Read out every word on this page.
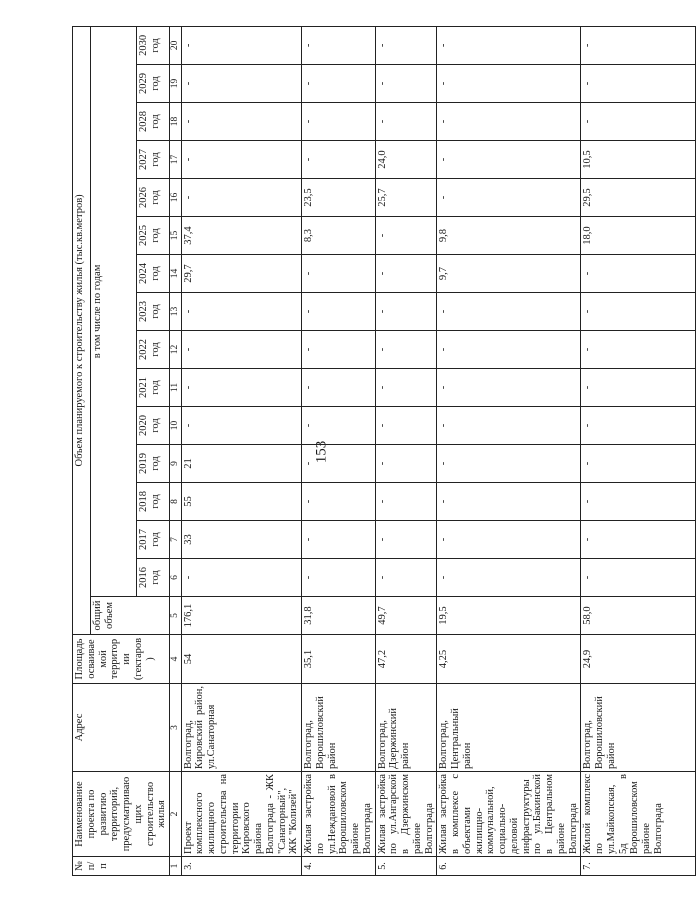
153
№ п/п	Наименование проекта по развитию территорий, предусматривающих строительство жилья	Адрес	Площадь осваиваемой территории (гектаров)	Объем планируемого к строительству жилья (тыс.кв.метров)															
				общий объем	в том числе по годам														
					2016 год	2017 год	2018 год	2019 год	2020 год	2021 год	2022 год	2023 год	2024 год	2025 год	2026 год	2027 год	2028 год	2029 год	2030 год
1	2	3	4	5	6	7	8	9	10	11	12	13	14	15	16	17	18	19	20
3.	Проект комплексного жилищного строительства на территории Кировского района Волгограда - ЖК "Санаторный", ЖК "Колизей"	Волгоград, Кировский район, ул.Санаторная	54	176,1	-	33	55	21	-	-	-	-	29,7	37,4	-	-	-	-	-
4.	Жилая застройка по ул.Неждановой в Ворошиловском районе Волгограда	Волгоград, Ворошиловский район	35,1	31,8	-	-	-	-	-	-	-	-	-	8,3	23,5	-	-	-	-
5.	Жилая застройка по ул.Ангарской в Дзержинском районе Волгограда	Волгоград, Дзержинский район	47,2	49,7	-	-	-	-	-	-	-	-	-	-	25,7	24,0	-	-	-
6.	Жилая застройка в комплексе с объектами жилищно-коммунальной, социально-деловой инфраструктуры по ул.Бакинской в Центральном районе Волгограда	Волгоград, Центральный район	4,25	19,5	-	-	-	-	-	-	-	-	9,7	9,8	-	-	-	-	-
7.	Жилой комплекс по ул.Майкопская, 5д в Ворошиловском районе Волгограда	Волгоград, Ворошиловский район	24,9	58,0	-	-	-	-	-	-	-	-	-	18,0	29,5	10,5	-	-	-
